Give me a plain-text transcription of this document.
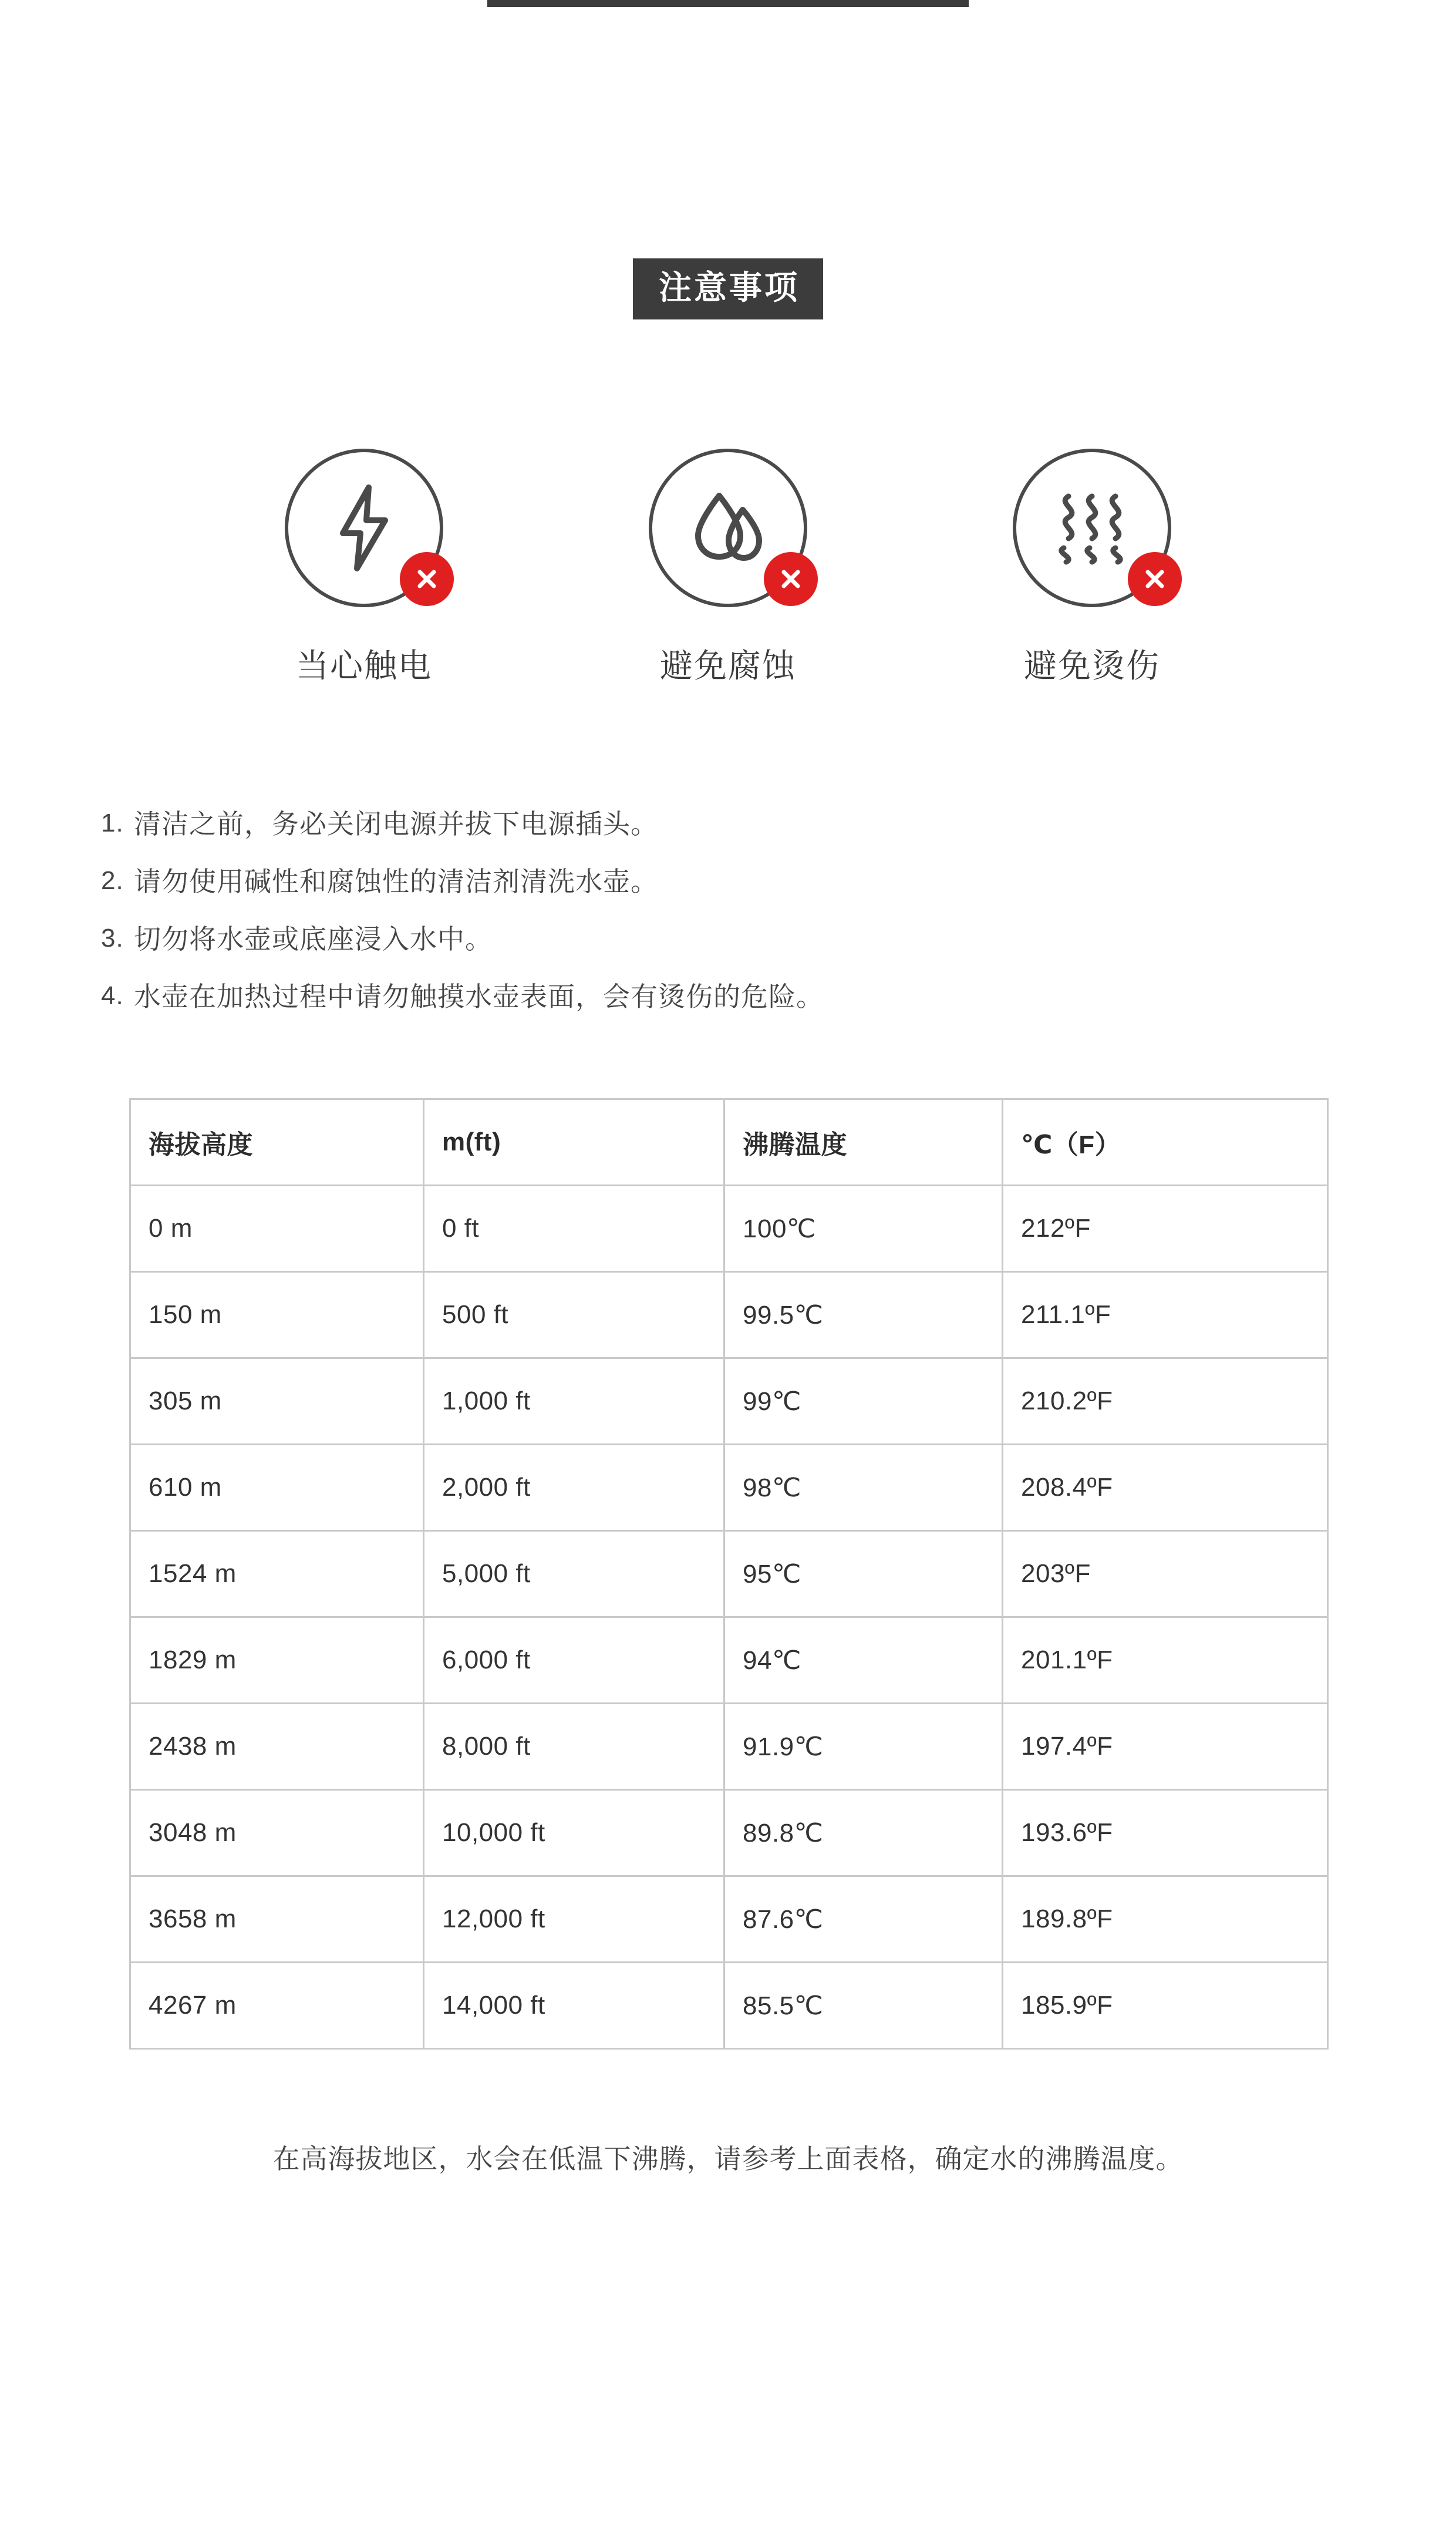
注意事项
当心触电	避免腐蚀	避免烫伤
1. 清洁之前，务必关闭电源并拔下电源插头。
2. 请勿使用碱性和腐蚀性的清洁剂清洗水壶。
3. 切勿将水壶或底座浸入水中。
4. 水壶在加热过程中请勿触摸水壶表面，会有烫伤的危险。
海拔高度	m(ft)	沸腾温度	℃（F）
0 m	0 ft	100℃	212ºF
150 m	500 ft	99.5℃	211.1ºF
305 m	1,000 ft	99℃	210.2ºF
610 m	2,000 ft	98℃	208.4ºF
1524 m	5,000 ft	95℃	203ºF
1829 m	6,000 ft	94℃	201.1ºF
2438 m	8,000 ft	91.9℃	197.4ºF
3048 m	10,000 ft	89.8℃	193.6ºF
3658 m	12,000 ft	87.6℃	189.8ºF
4267 m	14,000 ft	85.5℃	185.9ºF
在高海拔地区，水会在低温下沸腾，请参考上面表格，确定水的沸腾温度。
